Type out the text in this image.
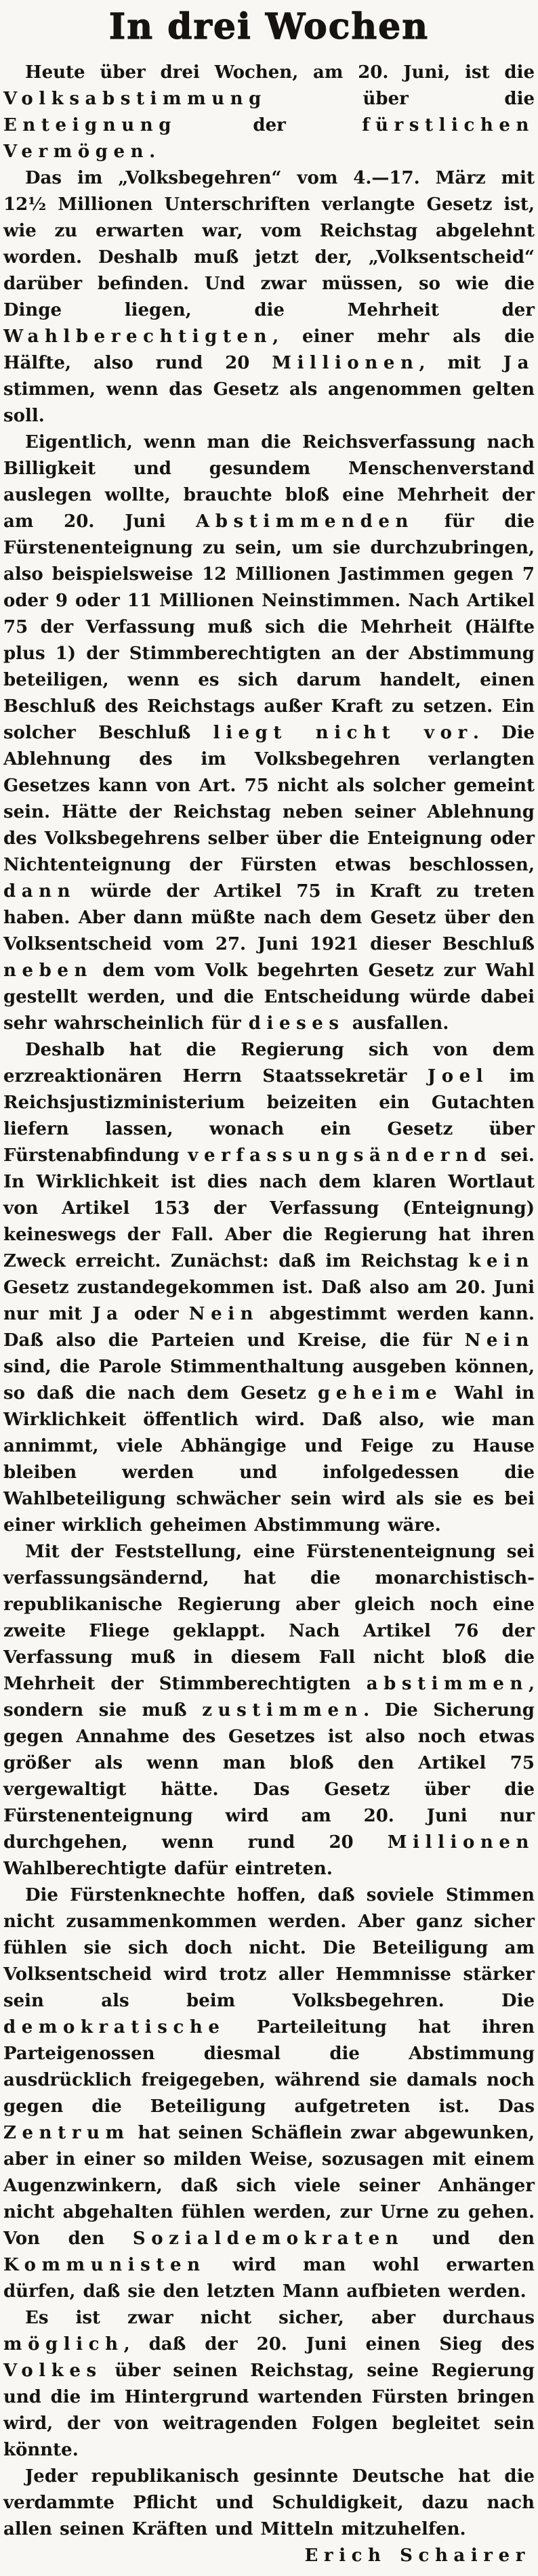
In drei Wochen

Heute über drei Wochen, am 20. Juni, ist die Volksabstimmung über die Enteignung der fürstlichen Vermögen.

Das im „Volksbegehren“ vom 4.—17. März mit 12½ Millionen Unterschriften verlangte Gesetz ist, wie zu erwarten war, vom Reichstag abgelehnt worden. Deshalb muß jetzt der, „Volksentscheid“ darüber befinden. Und zwar müssen, so wie die Dinge liegen, die Mehrheit der Wahlberechtigten, einer mehr als die Hälfte, also rund 20 Millionen, mit Ja stimmen, wenn das Gesetz als angenommen gelten soll.

Eigentlich, wenn man die Reichsverfassung nach Billigkeit und gesundem Menschenverstand auslegen wollte, brauchte bloß eine Mehrheit der am 20. Juni Abstimmenden für die Fürstenenteignung zu sein, um sie durchzubringen, also beispielsweise 12 Millionen Jastimmen gegen 7 oder 9 oder 11 Millionen Neinstimmen. Nach Artikel 75 der Verfassung muß sich die Mehrheit (Hälfte plus 1) der Stimmberechtigten an der Abstimmung beteiligen, wenn es sich darum handelt, einen Beschluß des Reichstags außer Kraft zu setzen. Ein solcher Beschluß liegt nicht vor. Die Ablehnung des im Volksbegehren verlangten Gesetzes kann von Art. 75 nicht als solcher gemeint sein. Hätte der Reichstag neben seiner Ablehnung des Volksbegehrens selber über die Enteignung oder Nichtenteignung der Fürsten etwas beschlossen, dann würde der Artikel 75 in Kraft zu treten haben. Aber dann müßte nach dem Gesetz über den Volksentscheid vom 27. Juni 1921 dieser Beschluß neben dem vom Volk begehrten Gesetz zur Wahl gestellt werden, und die Entscheidung würde dabei sehr wahrscheinlich für dieses ausfallen.

Deshalb hat die Regierung sich von dem erzreaktionären Herrn Staatssekretär Joel im Reichsjustizministerium beizeiten ein Gutachten liefern lassen, wonach ein Gesetz über Fürstenabfindung verfassungsändernd sei. In Wirklichkeit ist dies nach dem klaren Wortlaut von Artikel 153 der Verfassung (Enteignung) keineswegs der Fall. Aber die Regierung hat ihren Zweck erreicht. Zunächst: daß im Reichstag kein Gesetz zustandegekommen ist. Daß also am 20. Juni nur mit Ja oder Nein abgestimmt werden kann. Daß also die Parteien und Kreise, die für Nein sind, die Parole Stimmenthaltung ausgeben können, so daß die nach dem Gesetz geheime Wahl in Wirklichkeit öffentlich wird. Daß also, wie man annimmt, viele Abhängige und Feige zu Hause bleiben werden und infolgedessen die Wahlbeteiligung schwächer sein wird als sie es bei einer wirklich geheimen Abstimmung wäre.

Mit der Feststellung, eine Fürstenenteignung sei verfassungsändernd, hat die monarchistisch-republikanische Regierung aber gleich noch eine zweite Fliege geklappt. Nach Artikel 76 der Verfassung muß in diesem Fall nicht bloß die Mehrheit der Stimmberechtigten abstimmen, sondern sie muß zustimmen. Die Sicherung gegen Annahme des Gesetzes ist also noch etwas größer als wenn man bloß den Artikel 75 vergewaltigt hätte. Das Gesetz über die Fürstenenteignung wird am 20. Juni nur durchgehen, wenn rund 20 Millionen Wahlberechtigte dafür eintreten.

Die Fürstenknechte hoffen, daß soviele Stimmen nicht zusammenkommen werden. Aber ganz sicher fühlen sie sich doch nicht. Die Beteiligung am Volksentscheid wird trotz aller Hemmnisse stärker sein als beim Volksbegehren. Die demokratische Parteileitung hat ihren Parteigenossen diesmal die Abstimmung ausdrücklich freigegeben, während sie damals noch gegen die Beteiligung aufgetreten ist. Das Zentrum hat seinen Schäflein zwar abgewunken, aber in einer so milden Weise, sozusagen mit einem Augenzwinkern, daß sich viele seiner Anhänger nicht abgehalten fühlen werden, zur Urne zu gehen. Von den Sozialdemokraten und den Kommunisten wird man wohl erwarten dürfen, daß sie den letzten Mann aufbieten werden.

Es ist zwar nicht sicher, aber durchaus möglich, daß der 20. Juni einen Sieg des Volkes über seinen Reichstag, seine Regierung und die im Hintergrund wartenden Fürsten bringen wird, der von weitragenden Folgen begleitet sein könnte.

Jeder republikanisch gesinnte Deutsche hat die verdammte Pflicht und Schuldigkeit, dazu nach allen seinen Kräften und Mitteln mitzuhelfen.
Erich Schairer
